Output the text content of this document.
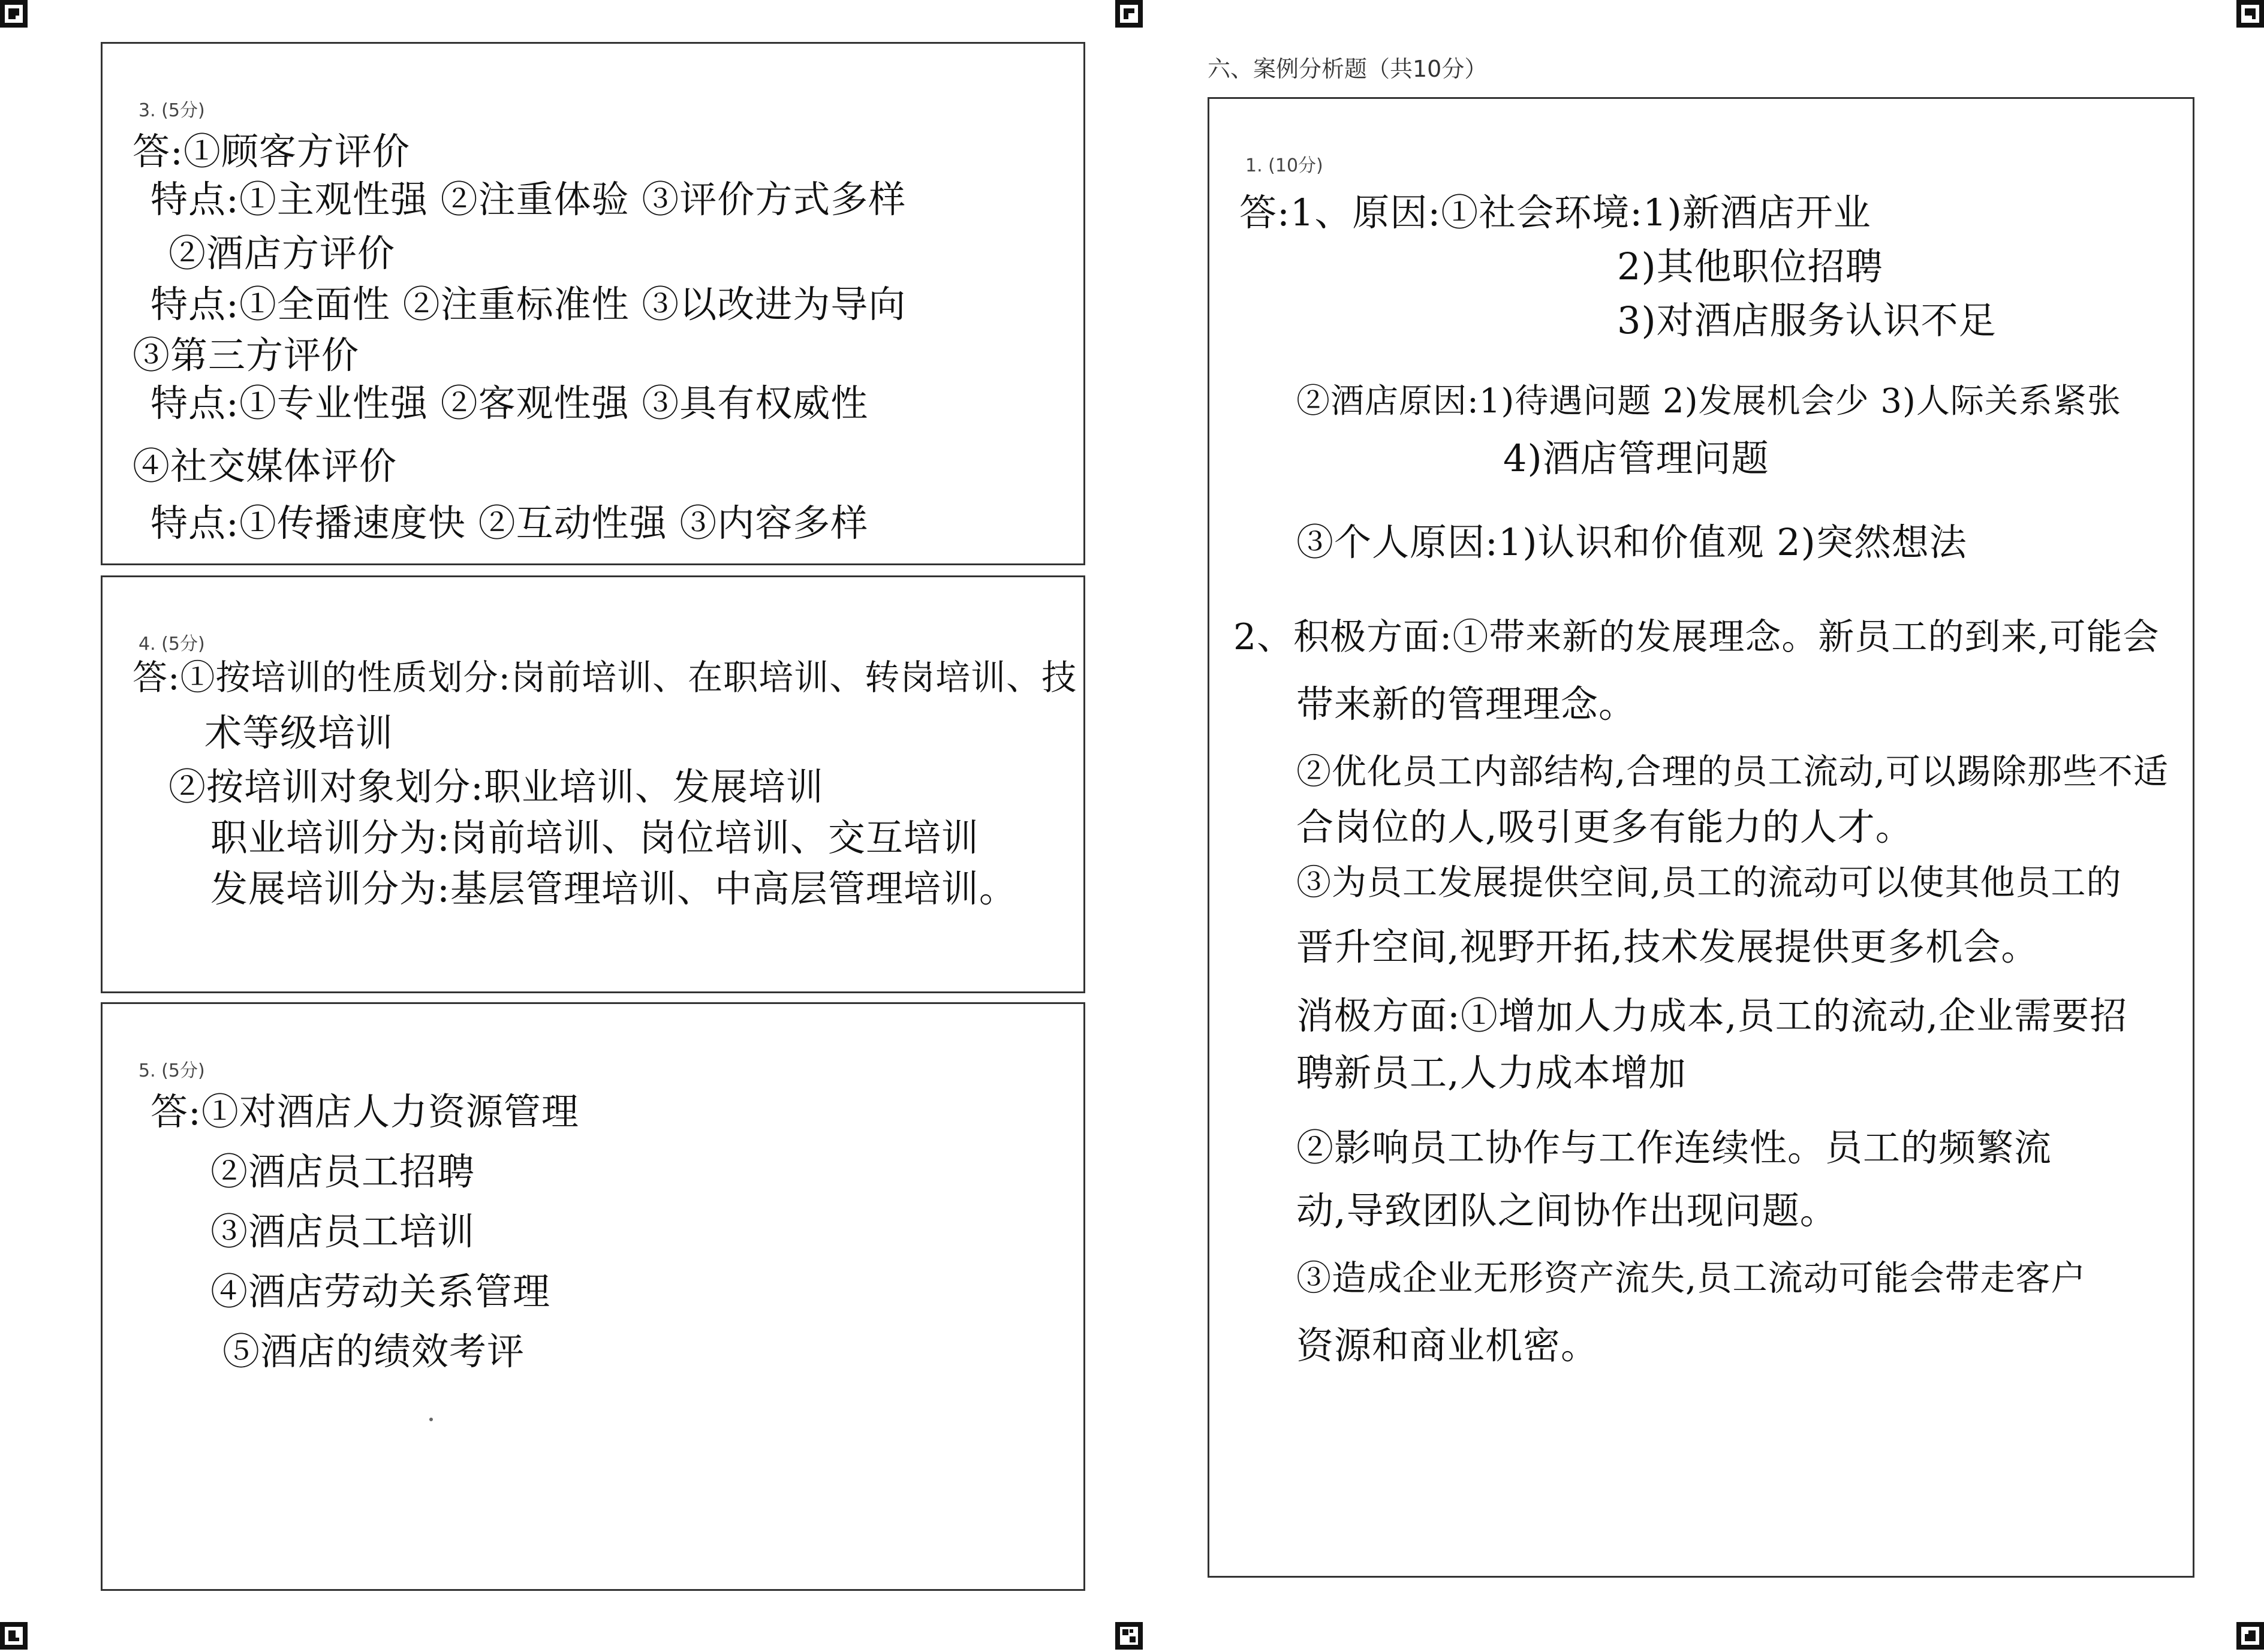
3. (5分)
答:①顾客方评价
特点:①主观性强 ②注重体验 ③评价方式多样
②酒店方评价
特点:①全面性 ②注重标准性 ③以改进为导向
③第三方评价
特点:①专业性强 ②客观性强 ③具有权威性
④社交媒体评价
特点:①传播速度快 ②互动性强 ③内容多样
4. (5分)
答:①按培训的性质划分:岗前培训、在职培训、转岗培训、技
术等级培训
②按培训对象划分:职业培训、发展培训
职业培训分为:岗前培训、岗位培训、交互培训
发展培训分为:基层管理培训、中高层管理培训。
5. (5分)
答:①对酒店人力资源管理
②酒店员工招聘
③酒店员工培训
④酒店劳动关系管理
⑤酒店的绩效考评
六、案例分析题（共10分）
1. (10分)
答:1、原因:①社会环境:1)新酒店开业
2)其他职位招聘
3)对酒店服务认识不足
②酒店原因:1)待遇问题 2)发展机会少 3)人际关系紧张
4)酒店管理问题
③个人原因:1)认识和价值观 2)突然想法
2、积极方面:①带来新的发展理念。新员工的到来,可能会
带来新的管理理念。
②优化员工内部结构,合理的员工流动,可以踢除那些不适
合岗位的人,吸引更多有能力的人才。
③为员工发展提供空间,员工的流动可以使其他员工的
晋升空间,视野开拓,技术发展提供更多机会。
消极方面:①增加人力成本,员工的流动,企业需要招
聘新员工,人力成本增加
②影响员工协作与工作连续性。员工的频繁流
动,导致团队之间协作出现问题。
③造成企业无形资产流失,员工流动可能会带走客户
资源和商业机密。
